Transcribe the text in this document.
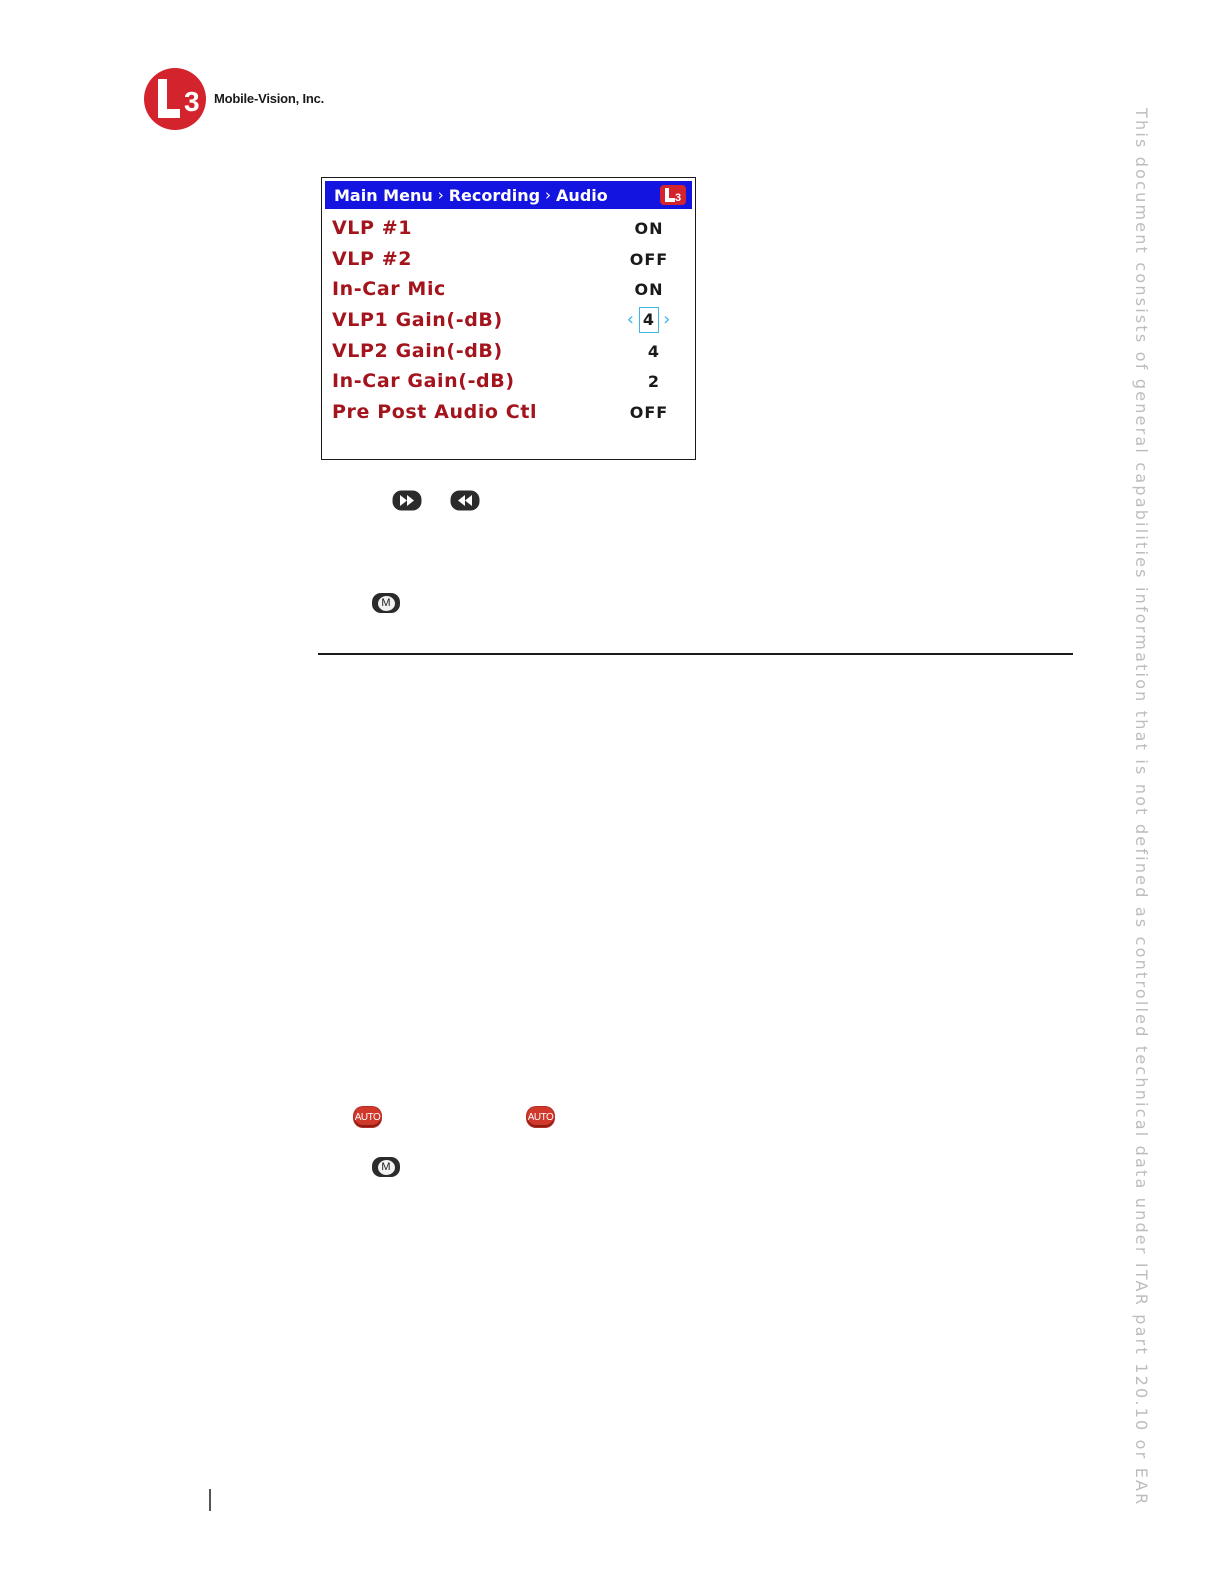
3 Mobile-Vision, Inc.
Main Menu › Recording › Audio	3
VLP #1	ON
VLP #2	OFF
In-Car Mic	ON
VLP1 Gain(-dB)	‹ 4 ›
VLP2 Gain(-dB)	4
In-Car Gain(-dB)	2
Pre Post Audio Ctl	OFF
M
AUTO	AUTO
M	This document consists of general capabilities information that is not defined as controlled technical data under ITAR part 120.10 or EAR
